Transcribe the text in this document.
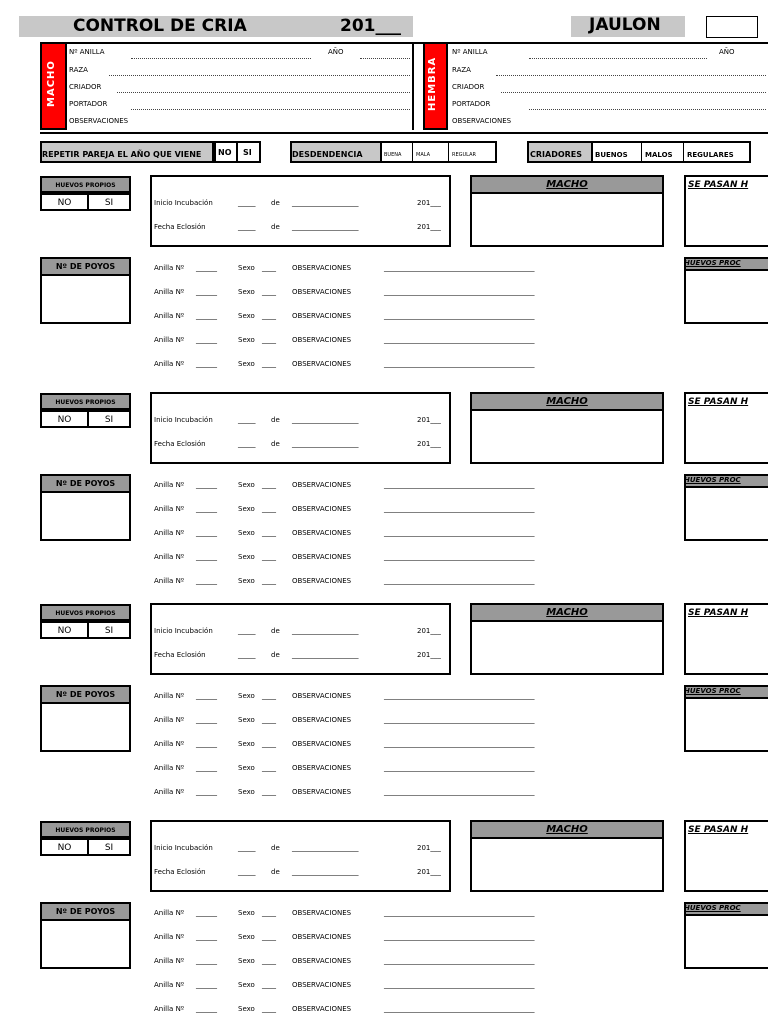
CONTROL DE CRIA	201___	JAULON
MACHO	HEMBRA
Nº ANILLA	AÑO
RAZA
CRIADOR
PORTADOR
OBSERVACIONES
Nº ANILLA	AÑO
RAZA
CRIADOR
PORTADOR
OBSERVACIONES
REPETIR PAREJA EL AÑO QUE VIENE NO SI	DESDENDENCIA	BUENA	MALA	REGULAR	CRIADORES BUENOS MALOS REGULARES
HUEVOS PROPIOS
NO	SI	Inicio Incubación	_____ de ___________________	201___
Fecha Eclosión	_____ de ___________________	201___
MACHO	SE PASAN H
Nº DE POYOS	HUEVOS PROC
Anilla Nº ______	Sexo ____ OBSERVACIONES	___________________________________________
Anilla Nº ______	Sexo ____ OBSERVACIONES	___________________________________________
Anilla Nº ______	Sexo ____ OBSERVACIONES	___________________________________________
Anilla Nº ______	Sexo ____ OBSERVACIONES	___________________________________________
Anilla Nº ______	Sexo ____ OBSERVACIONES	___________________________________________
HUEVOS PROPIOS
NO	SI	Inicio Incubación	_____ de ___________________	201___
Fecha Eclosión	_____ de ___________________	201___
MACHO	SE PASAN H
Nº DE POYOS	HUEVOS PROC
Anilla Nº ______	Sexo ____ OBSERVACIONES	___________________________________________
Anilla Nº ______	Sexo ____ OBSERVACIONES	___________________________________________
Anilla Nº ______	Sexo ____ OBSERVACIONES	___________________________________________
Anilla Nº ______	Sexo ____ OBSERVACIONES	___________________________________________
Anilla Nº ______	Sexo ____ OBSERVACIONES	___________________________________________
HUEVOS PROPIOS
NO	SI	Inicio Incubación	_____ de ___________________	201___
Fecha Eclosión	_____ de ___________________	201___
MACHO	SE PASAN H
Nº DE POYOS	HUEVOS PROC
Anilla Nº ______	Sexo ____ OBSERVACIONES	___________________________________________
Anilla Nº ______	Sexo ____ OBSERVACIONES	___________________________________________
Anilla Nº ______	Sexo ____ OBSERVACIONES	___________________________________________
Anilla Nº ______	Sexo ____ OBSERVACIONES	___________________________________________
Anilla Nº ______	Sexo ____ OBSERVACIONES	___________________________________________
HUEVOS PROPIOS
NO	SI	Inicio Incubación	_____ de ___________________	201___
Fecha Eclosión	_____ de ___________________	201___
MACHO	SE PASAN H
Nº DE POYOS	HUEVOS PROC
Anilla Nº ______	Sexo ____ OBSERVACIONES	___________________________________________
Anilla Nº ______	Sexo ____ OBSERVACIONES	___________________________________________
Anilla Nº ______	Sexo ____ OBSERVACIONES	___________________________________________
Anilla Nº ______	Sexo ____ OBSERVACIONES	___________________________________________
Anilla Nº ______	Sexo ____ OBSERVACIONES	___________________________________________
